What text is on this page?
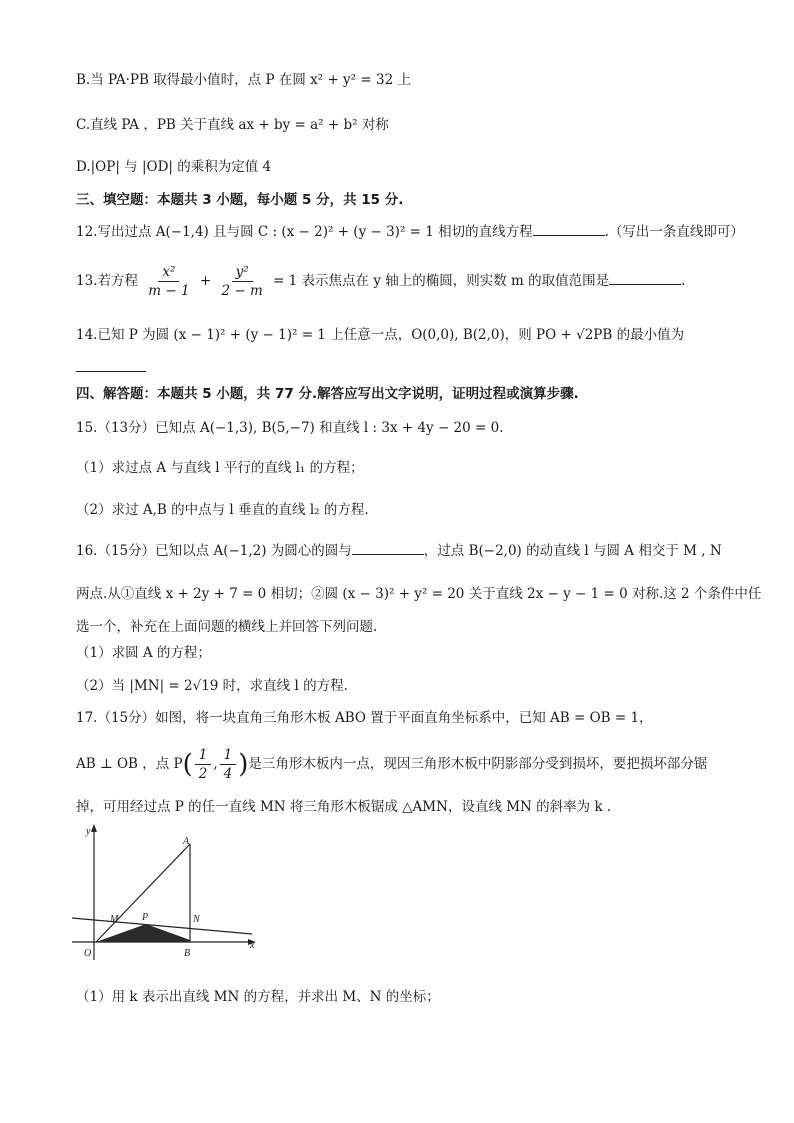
B.当 PA·PB 取得最小值时，点 P 在圆 x² + y² = 32 上
C.直线 PA ，PB 关于直线 ax + by = a² + b² 对称
D.|OP| 与 |OD| 的乘积为定值 4
三、填空题：本题共 3 小题，每小题 5 分，共 15 分.
12.写出过点 A(−1,4) 且与圆 C : (x − 2)² + (y − 3)² = 1 相切的直线方程	.（写出一条直线即可）
13.若方程 $\frac{\text{x²}}{m - 1} + \frac{\text{y²}}{2 - m} = 1$ 表示焦点在 y 轴上的椭圆，则实数 m 的取值范围是	.
14.已知 P 为圆 (x − 1)² + (y − 1)² = 1 上任意一点，O(0,0), B(2,0)，则 PO + √2PB 的最小值为
四、解答题：本题共 5 小题，共 77 分.解答应写出文字说明，证明过程或演算步骤.
15.（13分）已知点 A(−1,3), B(5,−7) 和直线 l : 3x + 4y − 20 = 0.
（1）求过点 A 与直线 l 平行的直线 l₁ 的方程；
（2）求过 A,B 的中点与 l 垂直的直线 l₂ 的方程.
16.（15分）已知以点 A(−1,2) 为圆心的圆与	，过点 B(−2,0) 的动直线 l 与圆 A 相交于 M , N
两点.从①直线 x + 2y + 7 = 0 相切；②圆 (x − 3)² + y² = 20 关于直线 2x − y − 1 = 0 对称.这 2 个条件中任
选一个，补充在上面问题的横线上并回答下列问题.
（1）求圆 A 的方程；
（2）当 |MN| = 2√19 时，求直线 l 的方程.
17.（15分）如图，将一块直角三角形木板 ABO 置于平面直角坐标系中，已知 AB = OB = 1，
AB ⊥ OB ，点 $P( \frac{1}{2}$ , $\frac{1}{4}$ )是三角形木板内一点，现因三角形木板中阴影部分受到损坏，要把损坏部分锯
掉，可用经过点 P 的任一直线 MN 将三角形木板锯成 △AMN，设直线 MN 的斜率为 k .
y
x
O
A
B
M	N
P
（1）用 k 表示出直线 MN 的方程，并求出 M、N 的坐标；
